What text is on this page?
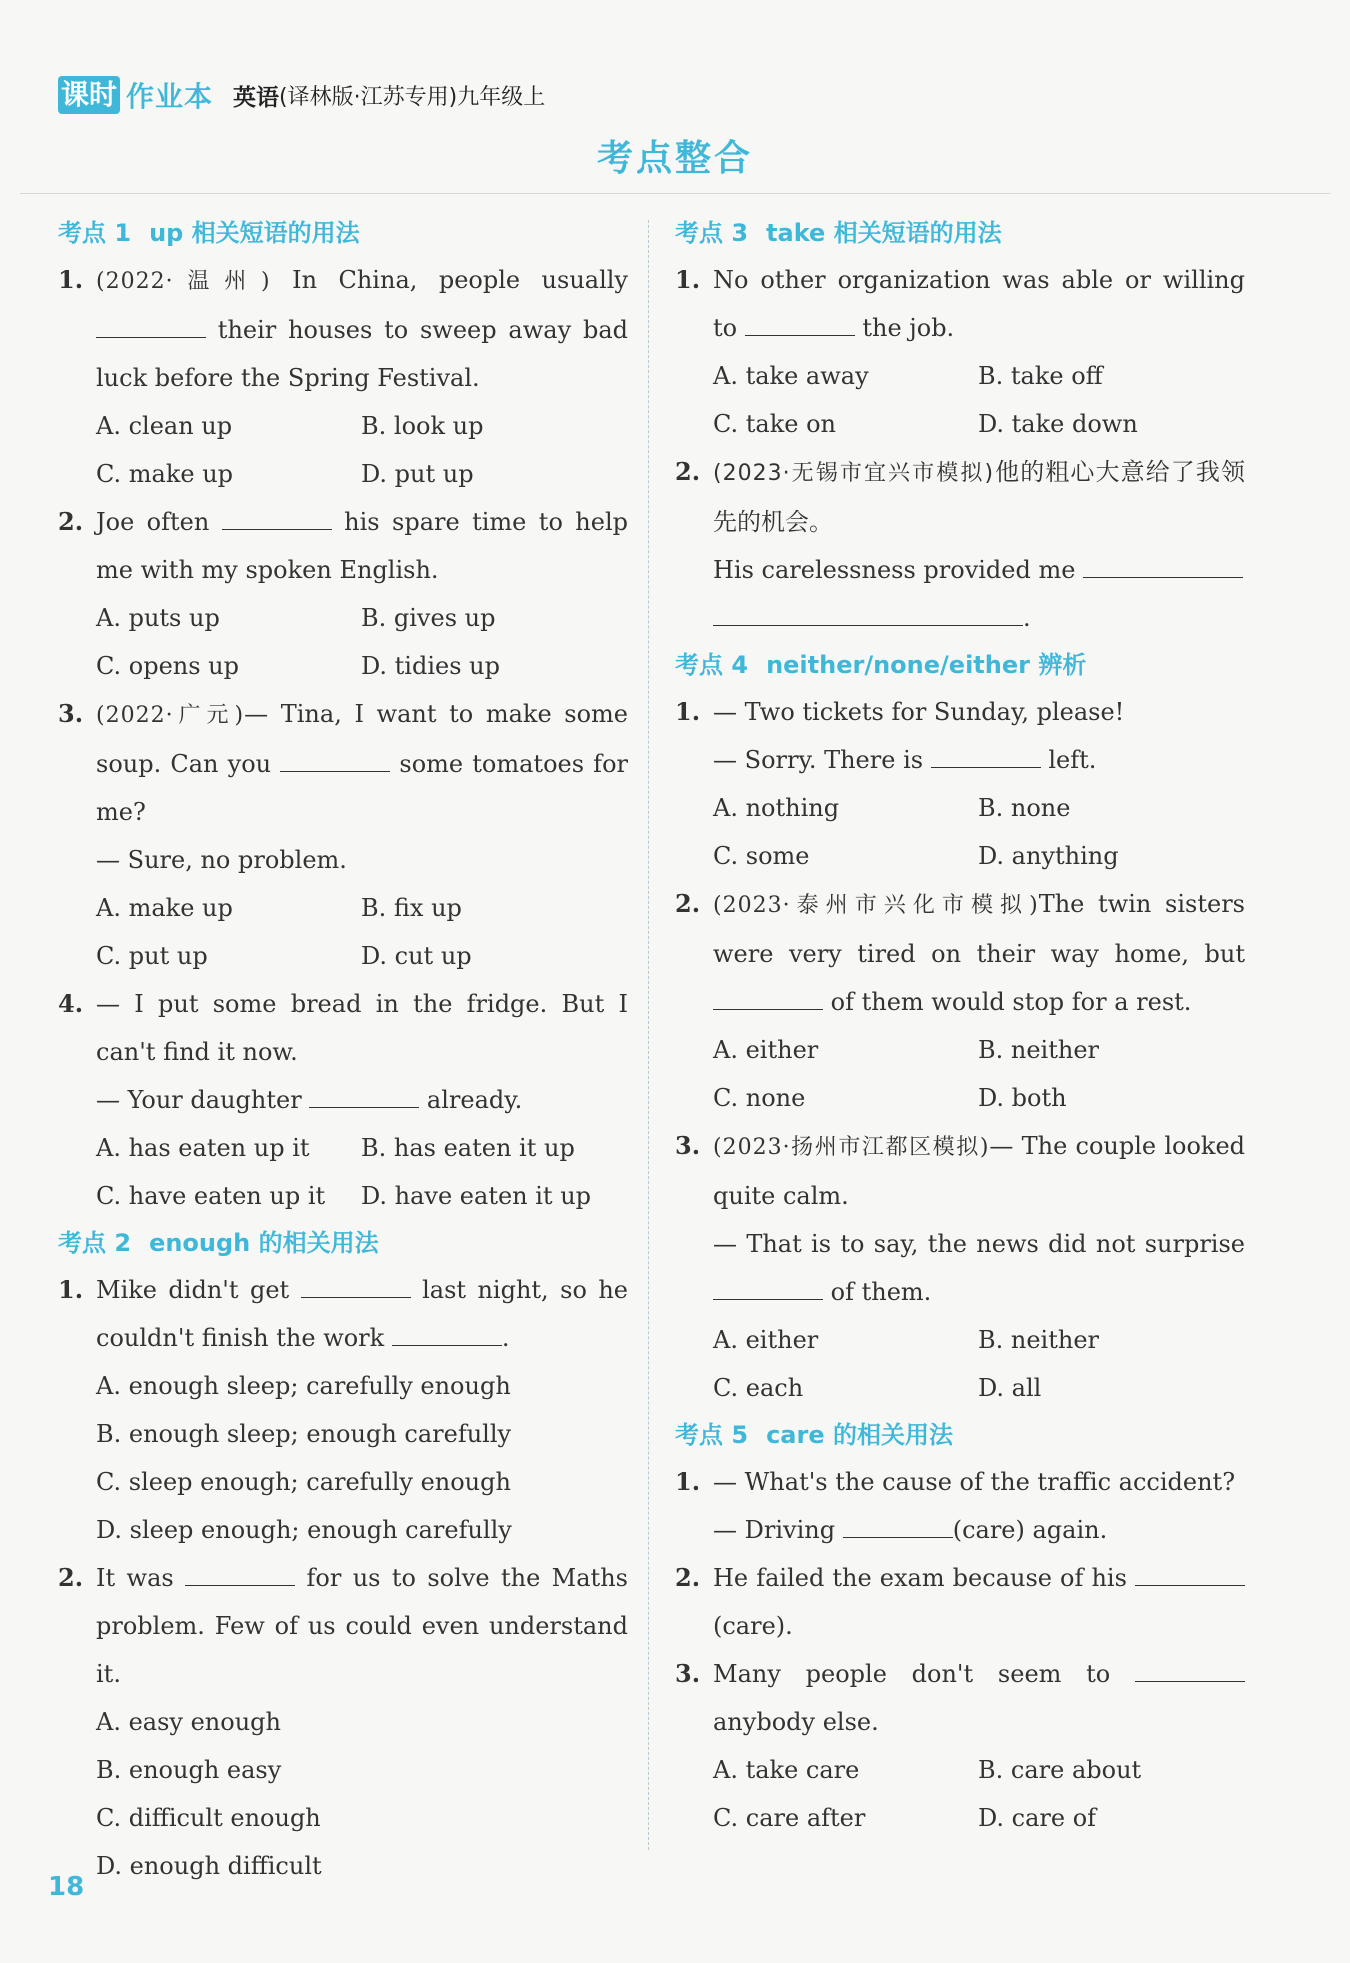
课时 作业本 英语 (译林版·江苏专用)九年级上
考点整合
考点 1 up 相关短语的用法
1. (2022·温州) In China, people usually  their houses to sweep away bad luck before the Spring Festival.
A. clean up	B. look up
C. make up	D. put up
2. Joe often	his spare time to help me with my spoken English.
A. puts up	B. gives up
C. opens up	D. tidies up
3. (2022·广元)— Tina, I want to make some soup. Can you	some tomatoes for me?
— Sure, no problem.
A. make up	B. fix up
C. put up	D. cut up
4. — I put some bread in the fridge. But I can't find it now.
— Your daughter	already.
A. has eaten up it	B. has eaten it up
C. have eaten up it	D. have eaten it up
考点 2 enough 的相关用法
1. Mike didn't get	last night, so he couldn't finish the work	.
A. enough sleep; carefully enough
B. enough sleep; enough carefully
C. sleep enough; carefully enough
D. sleep enough; enough carefully
2. It was	for us to solve the Maths problem. Few of us could even understand it.
A. easy enough
B. enough easy
C. difficult enough
D. enough difficult
考点 3 take 相关短语的用法
1. No other organization was able or willing to	the job.
A. take away	B. take off
C. take on	D. take down
2. (2023·无锡市宜兴市模拟)他的粗心大意给了我领先的机会。
His carelessness provided me
.
考点 4 neither/none/either 辨析
1. — Two tickets for Sunday, please!
— Sorry. There is	left.
A. nothing	B. none
C. some	D. anything
2. (2023·泰州市兴化市模拟)The twin sisters were very tired on their way home, but  of them would stop for a rest.
A. either	B. neither
C. none	D. both
3. (2023·扬州市江都区模拟)— The couple looked quite calm.
— That is to say, the news did not surprise  of them.
A. either	B. neither
C. each	D. all
考点 5 care 的相关用法
1. — What's the cause of the traffic accident?
— Driving	(care) again.
2. He failed the exam because of his (care).
3. Many people don't seem to  anybody else.
A. take care	B. care about
C. care after	D. care of
18
